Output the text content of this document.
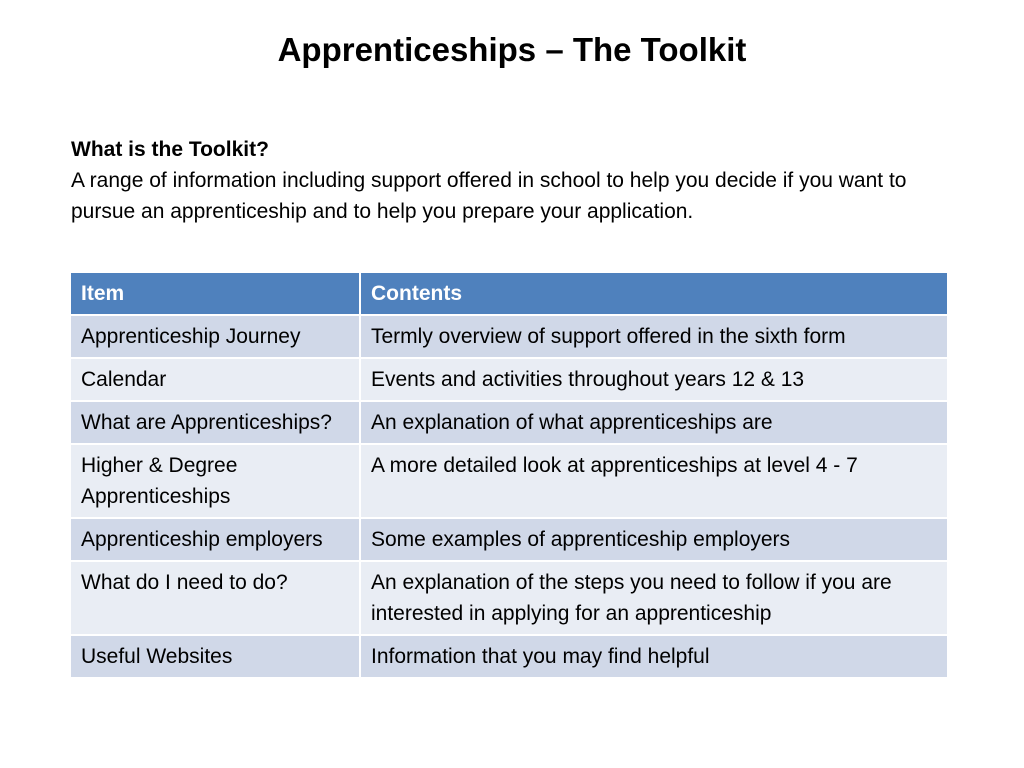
Apprenticeships – The Toolkit

What is the Toolkit?

A range of information including support offered in school to help you decide if you want to pursue an apprenticeship and to help you prepare your application.

Item	Contents
Apprenticeship Journey	Termly overview of support offered in the sixth form
Calendar	Events and activities throughout years 12 & 13
What are Apprenticeships?	An explanation of what apprenticeships are
Higher & Degree Apprenticeships	A more detailed look at apprenticeships at level 4 - 7
Apprenticeship employers	Some examples of apprenticeship employers
What do I need to do?	An explanation of the steps you need to follow if you are interested in applying for an apprenticeship
Useful Websites	Information that you may find helpful
